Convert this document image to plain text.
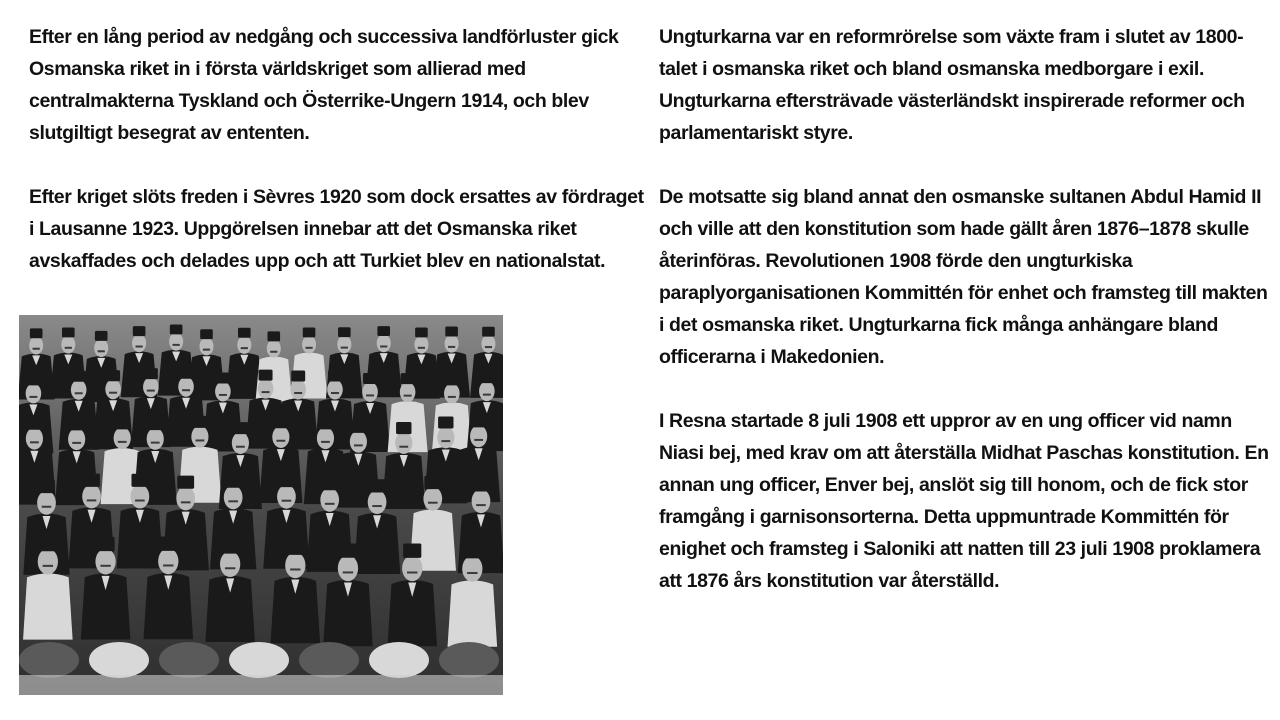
Efter en lång period av nedgång och successiva landförluster gick Osmanska riket in i första världskriget som allierad med centralmakterna Tyskland och Österrike-Ungern 1914, och blev slutgiltigt besegrat av ententen.

Efter kriget slöts freden i Sèvres 1920 som dock ersattes av fördraget i Lausanne 1923. Uppgörelsen innebar att det Osmanska riket avskaffades och delades upp och att Turkiet blev en nationalstat.

Ungturkarna var en reformrörelse som växte fram i slutet av 1800-talet i osmanska riket och bland osmanska medborgare i exil. Ungturkarna eftersträvade västerländskt inspirerade reformer och parlamentariskt styre.

De motsatte sig bland annat den osmanske sultanen Abdul Hamid II och ville att den konstitution som hade gällt åren 1876–1878 skulle återinföras. Revolutionen 1908 förde den ungturkiska paraplyorganisationen Kommittén för enhet och framsteg till makten i det osmanska riket. Ungturkarna fick många anhängare bland officerarna i Makedonien.

I Resna startade 8 juli 1908 ett uppror av en ung officer vid namn Niasi bej, med krav om att återställa Midhat Paschas konstitution. En annan ung officer, Enver bej, anslöt sig till honom, och de fick stor framgång i garnisonsorterna. Detta uppmuntrade Kommittén för enighet och framsteg i Saloniki att natten till 23 juli 1908 proklamera att 1876 års konstitution var återställd.
